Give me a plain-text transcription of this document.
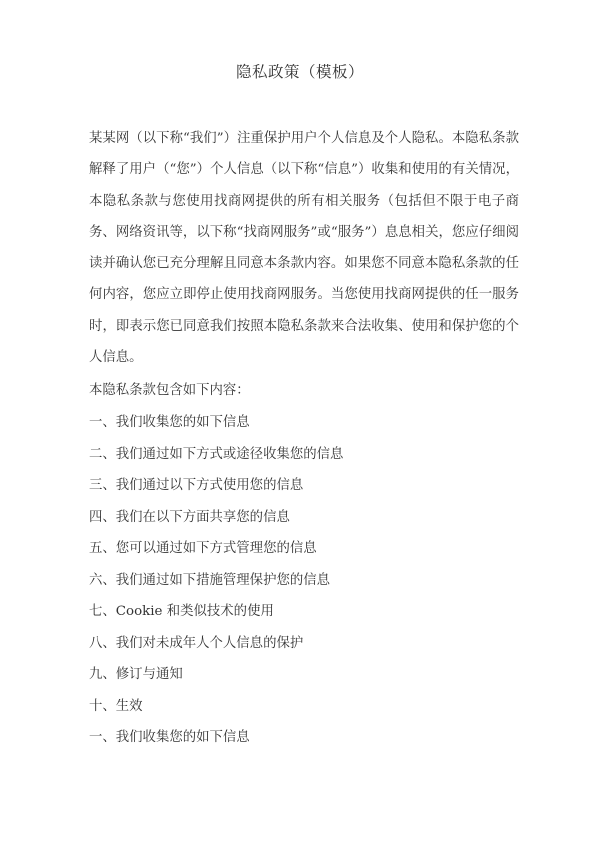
隐私政策（模板）

某某网（以下称“我们”）注重保护用户个人信息及个人隐私。本隐私条款解释了用户（“您”）个人信息（以下称“信息”）收集和使用的有关情况，本隐私条款与您使用找商网提供的所有相关服务（包括但不限于电子商务、网络资讯等，以下称“找商网服务”或“服务”）息息相关，您应仔细阅读并确认您已充分理解且同意本条款内容。如果您不同意本隐私条款的任何内容，您应立即停止使用找商网服务。当您使用找商网提供的任一服务时，即表示您已同意我们按照本隐私条款来合法收集、使用和保护您的个人信息。

本隐私条款包含如下内容：

一、我们收集您的如下信息
二、我们通过如下方式或途径收集您的信息
三、我们通过以下方式使用您的信息
四、我们在以下方面共享您的信息
五、您可以通过如下方式管理您的信息
六、我们通过如下措施管理保护您的信息
七、Cookie 和类似技术的使用
八、我们对未成年人个人信息的保护
九、修订与通知
十、生效

一、我们收集您的如下信息
